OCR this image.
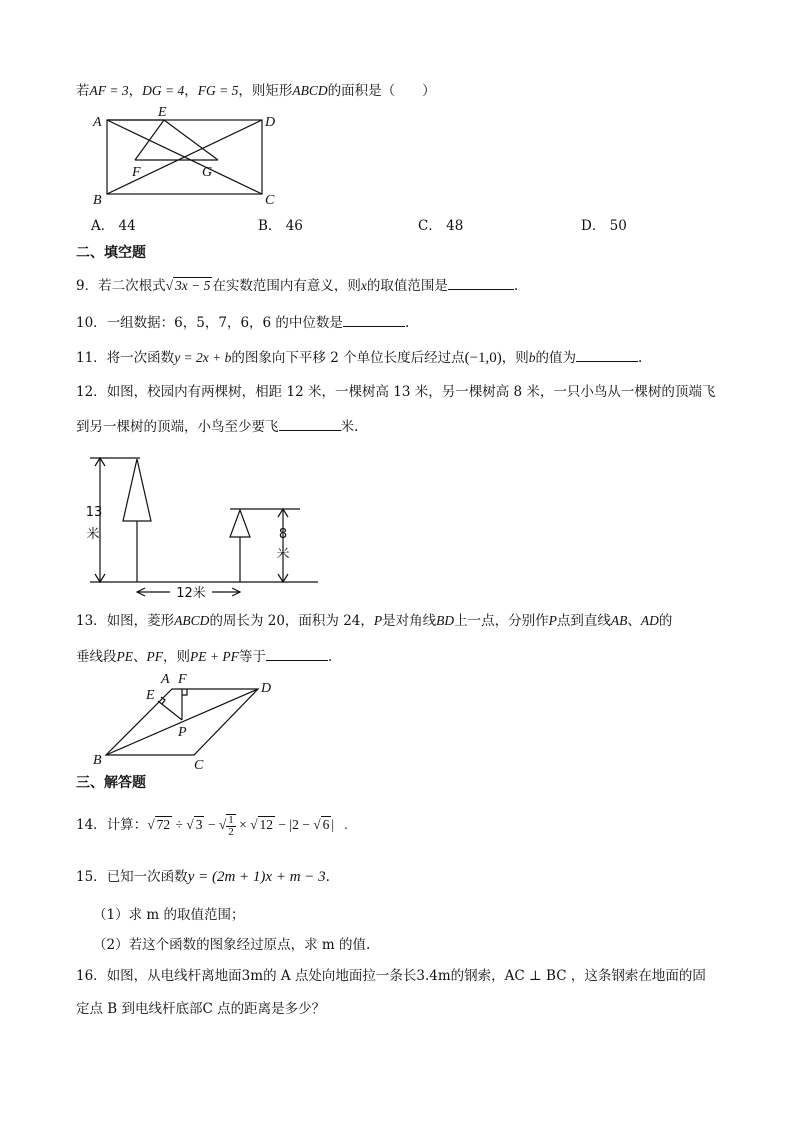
若AF = 3，DG = 4，FG = 5，则矩形ABCD的面积是（　　）
A
E
D
F	G
B	C
A． 44	B． 46	C． 48	D． 50
二、填空题
9．若二次根式√ 3x − 5 在实数范围内有意义，则x的取值范围是	.
10．一组数据：6，5，7，6，6 的中位数是	.
11．将一次函数y = 2x + b的图象向下平移 2 个单位长度后经过点(−1,0)，则b的值为	.
12．如图，校园内有两棵树，相距 12 米，一棵树高 13 米，另一棵树高 8 米，一只小鸟从一棵树的顶端飞
到另一棵树的顶端，小鸟至少要飞	米.
13
米	8
米
12米
13．如图，菱形ABCD的周长为 20，面积为 24，P是对角线BD上一点，分别作P点到直线AB、AD的
垂线段PE、PF，则PE + PF等于	.
A F
E	D
P
B	C
三、解答题
14．计算：√ 72 ÷ √ 3 − √ $\frac{1}{2}$ × √ 12 − |2 − √ 6 |   .
15．已知一次函数y = (2m + 1)x + m − 3.
（1）求 m 的取值范围；
（2）若这个函数的图象经过原点，求 m 的值.
16．如图，从电线杆离地面3m的 A 点处向地面拉一条长3.4m的钢索，AC ⊥ BC ，这条钢索在地面的固
定点 B 到电线杆底部C 点的距离是多少？
